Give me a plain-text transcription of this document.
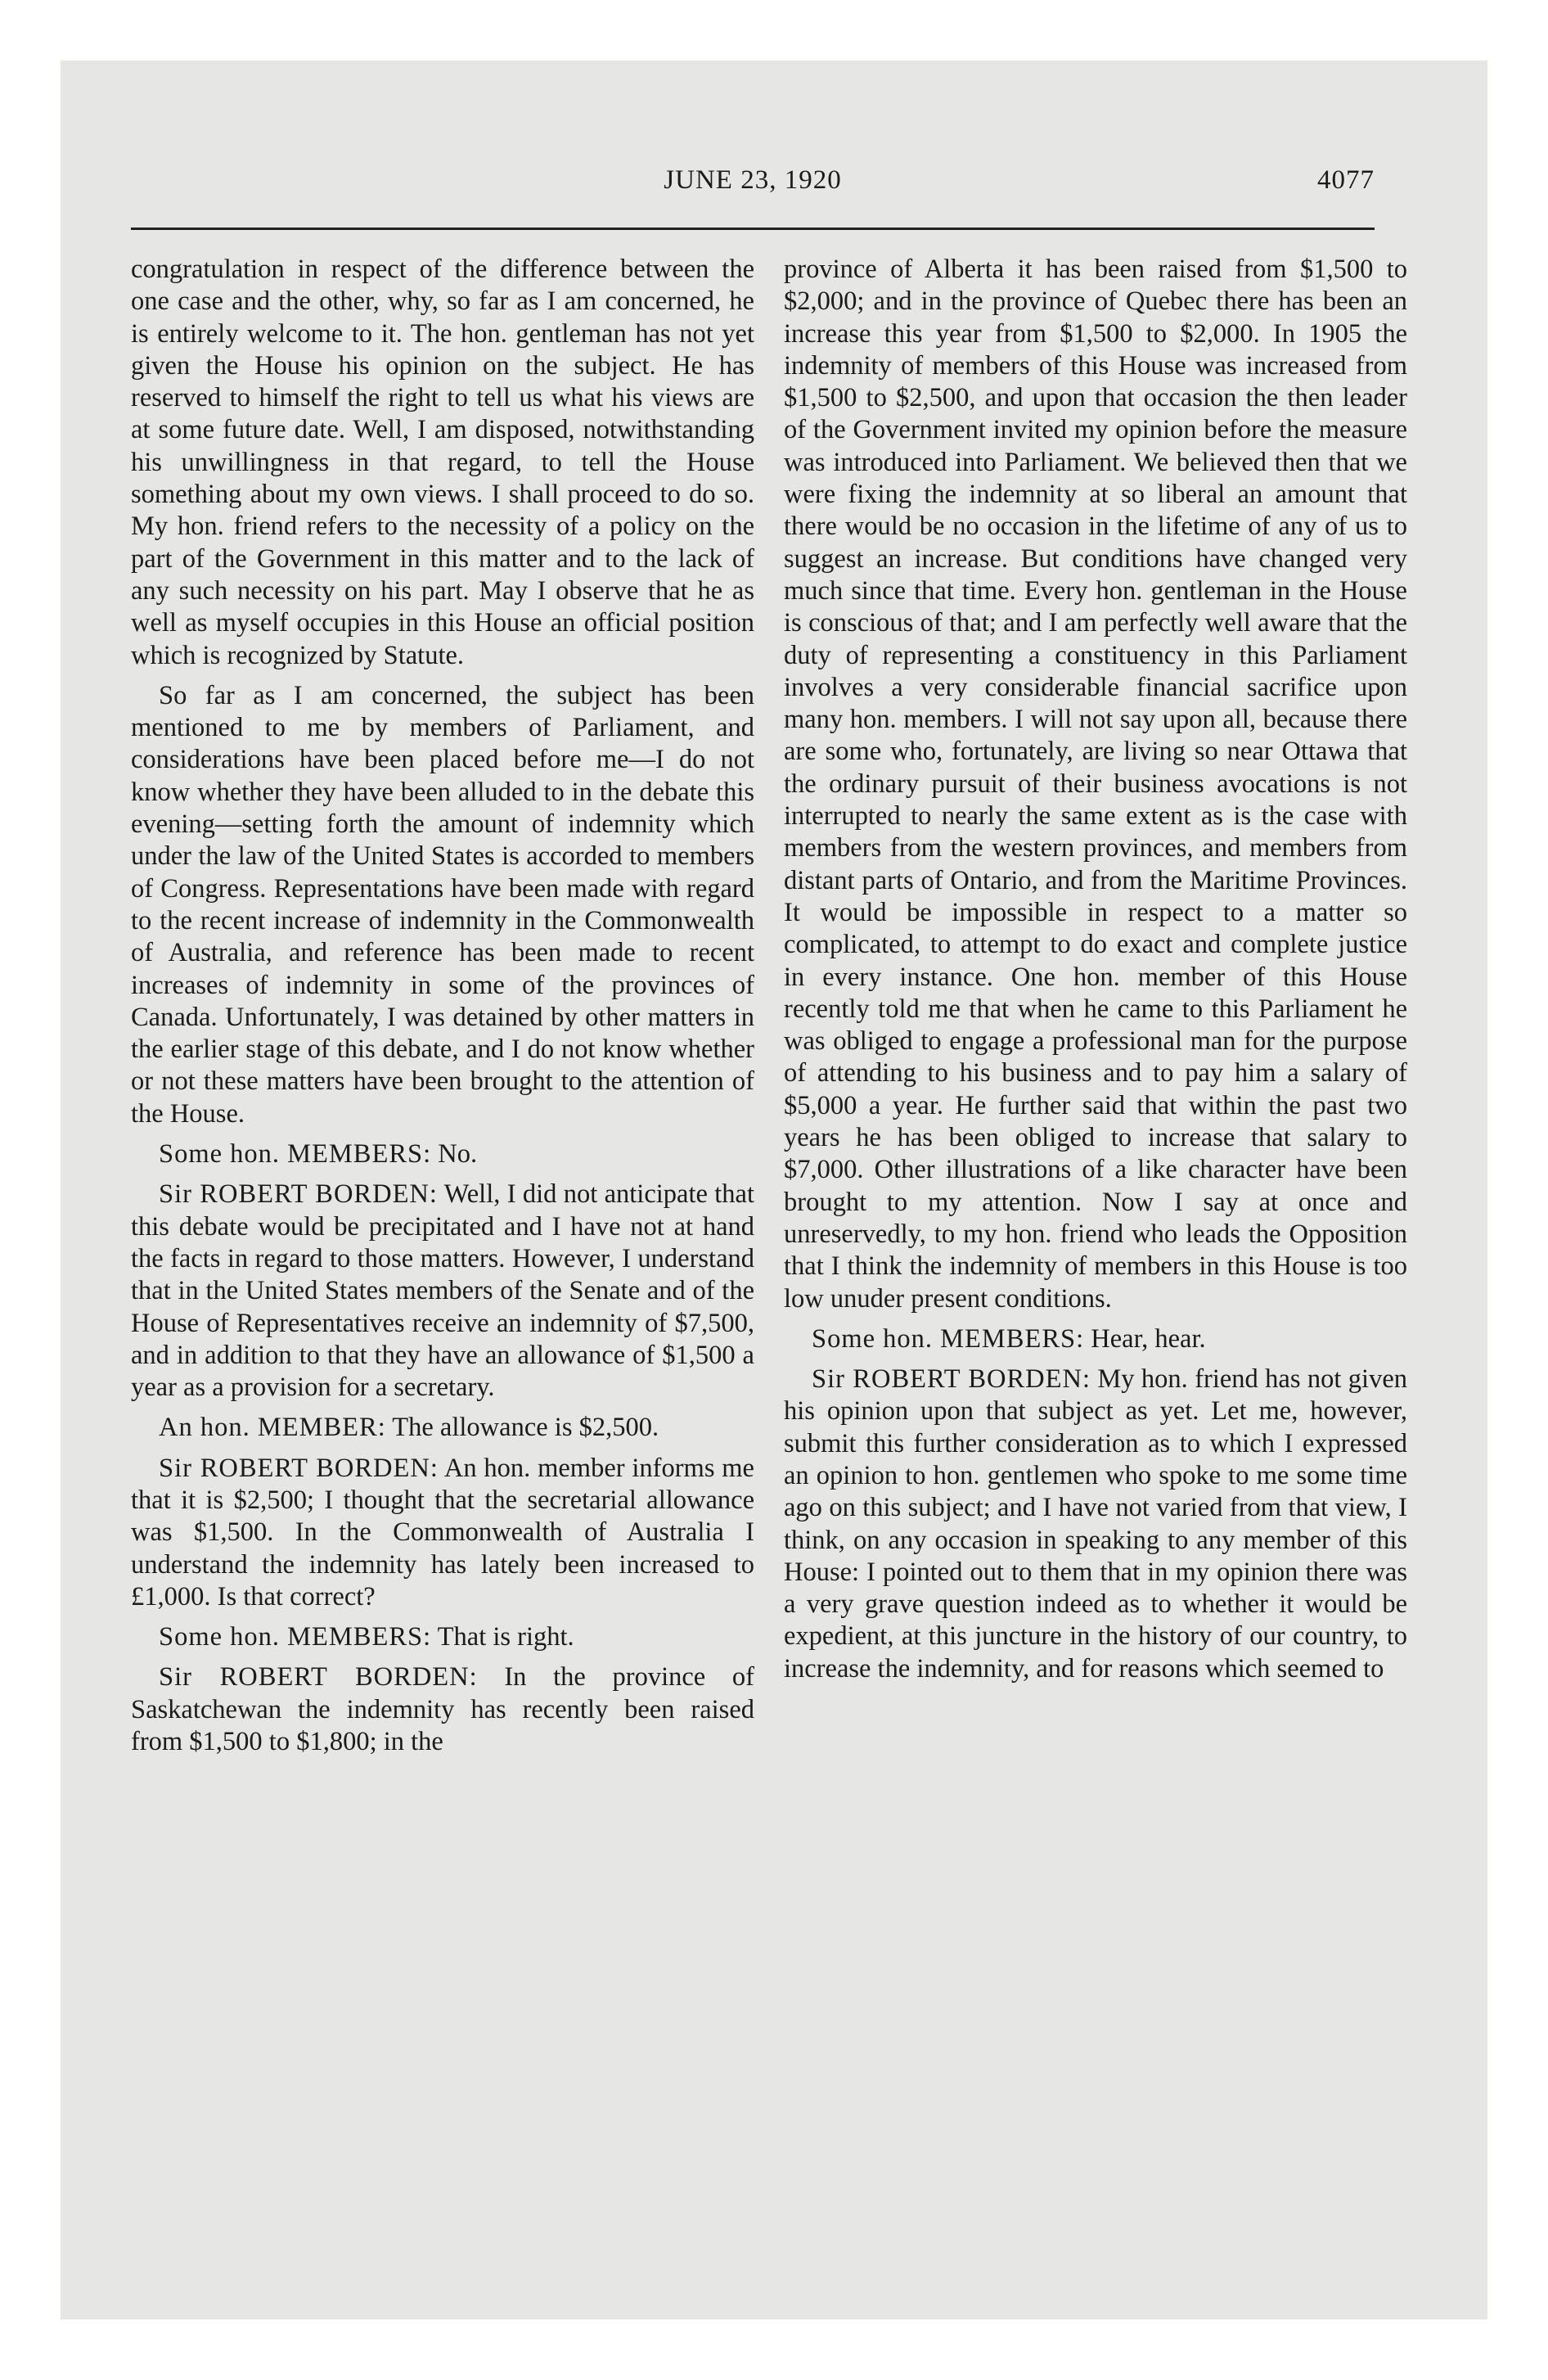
JUNE 23, 1920	4077

congratulation in respect of the difference between the one case and the other, why, so far as I am concerned, he is entirely welcome to it. The hon. gentleman has not yet given the House his opinion on the subject. He has reserved to himself the right to tell us what his views are at some future date. Well, I am disposed, notwithstanding his unwillingness in that regard, to tell the House something about my own views. I shall proceed to do so. My hon. friend refers to the necessity of a policy on the part of the Government in this matter and to the lack of any such necessity on his part. May I observe that he as well as myself occupies in this House an official position which is recognized by Statute.

So far as I am concerned, the subject has been mentioned to me by members of Parliament, and considerations have been placed before me—I do not know whether they have been alluded to in the debate this evening—setting forth the amount of indemnity which under the law of the United States is accorded to members of Congress. Representations have been made with regard to the recent increase of indemnity in the Commonwealth of Australia, and reference has been made to recent increases of indemnity in some of the provinces of Canada. Unfortunately, I was detained by other matters in the earlier stage of this debate, and I do not know whether or not these matters have been brought to the attention of the House.

Some hon. MEMBERS: No.

Sir ROBERT BORDEN: Well, I did not anticipate that this debate would be precipitated and I have not at hand the facts in regard to those matters. However, I understand that in the United States members of the Senate and of the House of Representatives receive an indemnity of $7,500, and in addition to that they have an allowance of $1,500 a year as a provision for a secretary.

An hon. MEMBER: The allowance is $2,500.

Sir ROBERT BORDEN: An hon. member informs me that it is $2,500; I thought that the secretarial allowance was $1,500. In the Commonwealth of Australia I understand the indemnity has lately been increased to £1,000. Is that correct?

Some hon. MEMBERS: That is right.

Sir ROBERT BORDEN: In the province of Saskatchewan the indemnity has recently been raised from $1,500 to $1,800; in the

province of Alberta it has been raised from $1,500 to $2,000; and in the province of Quebec there has been an increase this year from $1,500 to $2,000. In 1905 the indemnity of members of this House was increased from $1,500 to $2,500, and upon that occasion the then leader of the Government invited my opinion before the measure was introduced into Parliament. We believed then that we were fixing the indemnity at so liberal an amount that there would be no occasion in the lifetime of any of us to suggest an increase. But conditions have changed very much since that time. Every hon. gentleman in the House is conscious of that; and I am perfectly well aware that the duty of representing a constituency in this Parliament involves a very considerable financial sacrifice upon many hon. members. I will not say upon all, because there are some who, fortunately, are living so near Ottawa that the ordinary pursuit of their business avocations is not interrupted to nearly the same extent as is the case with members from the western provinces, and members from distant parts of Ontario, and from the Maritime Provinces. It would be impossible in respect to a matter so complicated, to attempt to do exact and complete justice in every instance. One hon. member of this House recently told me that when he came to this Parliament he was obliged to engage a professional man for the purpose of attending to his business and to pay him a salary of $5,000 a year. He further said that within the past two years he has been obliged to increase that salary to $7,000. Other illustrations of a like character have been brought to my attention. Now I say at once and unreservedly, to my hon. friend who leads the Opposition that I think the indemnity of members in this House is too low unuder present conditions.

Some hon. MEMBERS: Hear, hear.

Sir ROBERT BORDEN: My hon. friend has not given his opinion upon that subject as yet. Let me, however, submit this further consideration as to which I expressed an opinion to hon. gentlemen who spoke to me some time ago on this subject; and I have not varied from that view, I think, on any occasion in speaking to any member of this House: I pointed out to them that in my opinion there was a very grave question indeed as to whether it would be expedient, at this juncture in the history of our country, to increase the indemnity, and for reasons which seemed to
